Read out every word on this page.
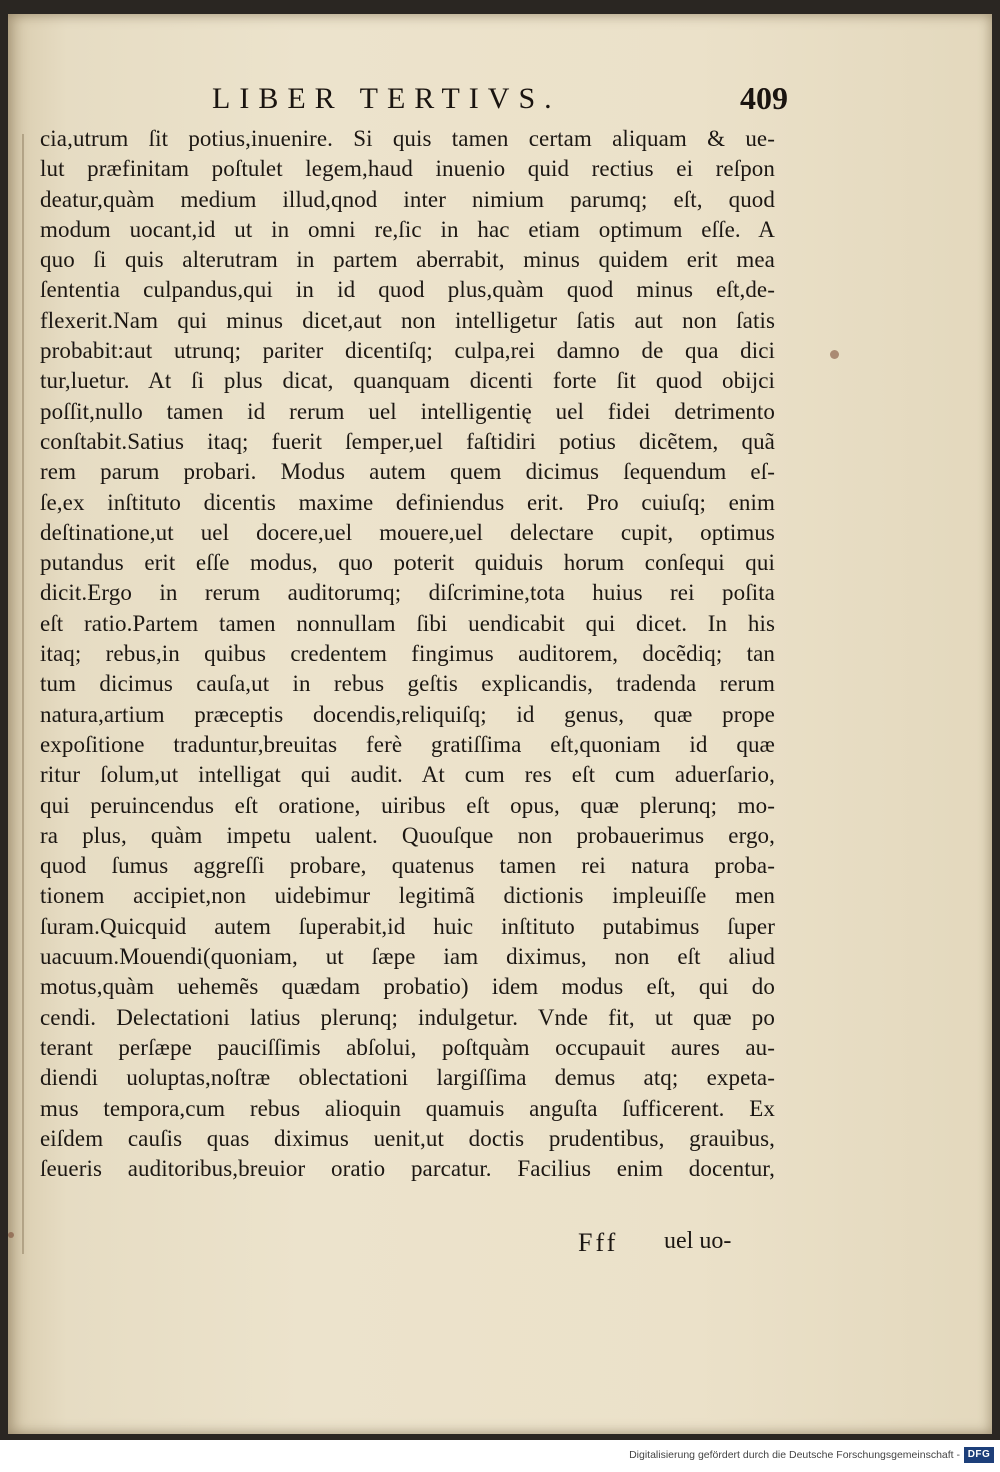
LIBER TERTIVS.	409
cia,utrum ſit potius,inuenire. Si quis tamen certam aliquam & ue-
lut præfinitam poſtulet legem,haud inuenio quid rectius ei reſpon
deatur,quàm medium illud,qnod inter nimium parumq; eſt, quod
modum uocant,id ut in omni re,ſic in hac etiam optimum eſſe. A
quo ſi quis alterutram in partem aberrabit, minus quidem erit mea
ſententia culpandus,qui in id quod plus,quàm quod minus eſt,de-
flexerit.Nam qui minus dicet,aut non intelligetur ſatis aut non ſatis
probabit:aut utrunq; pariter dicentiſq; culpa,rei damno de qua dici
tur,luetur. At ſi plus dicat, quanquam dicenti forte ſit quod obijci
poſſit,nullo tamen id rerum uel intelligentię uel fidei detrimento
conſtabit.Satius itaq; fuerit ſemper,uel faſtidiri potius dicẽtem, quã
rem parum probari. Modus autem quem dicimus ſequendum eſ-
ſe,ex inſtituto dicentis maxime definiendus erit. Pro cuiuſq; enim
deſtinatione,ut uel docere,uel mouere,uel delectare cupit, optimus
putandus erit eſſe modus, quo poterit quiduis horum conſequi qui
dicit.Ergo in rerum auditorumq; diſcrimine,tota huius rei poſita
eſt ratio.Partem tamen nonnullam ſibi uendicabit qui dicet. In his
itaq; rebus,in quibus credentem fingimus auditorem, docẽdiq; tan
tum dicimus cauſa,ut in rebus geſtis explicandis, tradenda rerum
natura,artium præceptis docendis,reliquiſq; id genus, quæ prope
expoſitione traduntur,breuitas ferè gratiſſima eſt,quoniam id quæ
ritur ſolum,ut intelligat qui audit. At cum res eſt cum aduerſario,
qui peruincendus eſt oratione, uiribus eſt opus, quæ plerunq; mo-
ra plus, quàm impetu ualent. Quouſque non probauerimus ergo,
quod ſumus aggreſſi probare, quatenus tamen rei natura proba-
tionem accipiet,non uidebimur legitimã dictionis impleuiſſe men
ſuram.Quicquid autem ſuperabit,id huic inſtituto putabimus ſuper
uacuum.Mouendi(quoniam, ut ſæpe iam diximus, non eſt aliud
motus,quàm uehemẽs quædam probatio) idem modus eſt, qui do
cendi. Delectationi latius plerunq; indulgetur. Vnde fit, ut quæ po
terant perſæpe pauciſſimis abſolui, poſtquàm occupauit aures au-
diendi uoluptas,noſtræ oblectationi largiſſima demus atq; expeta-
mus tempora,cum rebus alioquin quamuis anguſta ſufficerent. Ex
eiſdem cauſis quas diximus uenit,ut doctis prudentibus, grauibus,
ſeueris auditoribus,breuior oratio parcatur. Facilius enim docentur,
Fff uel uo-
Digitalisierung gefördert durch die Deutsche Forschungsgemeinschaft - DFG
